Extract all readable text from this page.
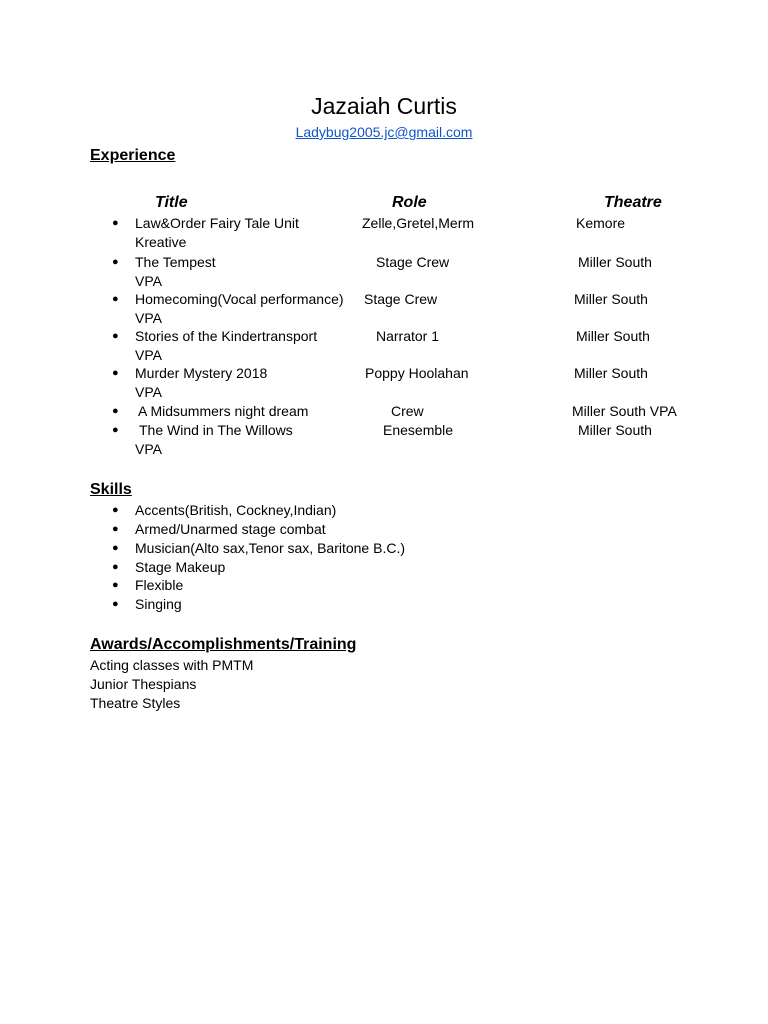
Jazaiah Curtis
Ladybug2005.jc@gmail.com
Experience
Title	Role	Theatre
● Law&Order Fairy Tale Unit	Zelle,Gretel,Merm	Kemore
Kreative
● The Tempest	Stage Crew	Miller South
VPA
● Homecoming(Vocal performance) Stage Crew	Miller South
VPA
● Stories of the Kindertransport	Narrator 1	Miller South
VPA
● Murder Mystery 2018	Poppy Hoolahan	Miller South
VPA
● A Midsummers night dream	Crew	Miller South VPA
● The Wind in The Willows	Enesemble	Miller South
VPA
Skills
● Accents(British, Cockney,Indian)
● Armed/Unarmed stage combat
● Musician(Alto sax,Tenor sax, Baritone B.C.)
● Stage Makeup
● Flexible
● Singing
Awards/Accomplishments/Training
Acting classes with PMTM
Junior Thespians
Theatre Styles
